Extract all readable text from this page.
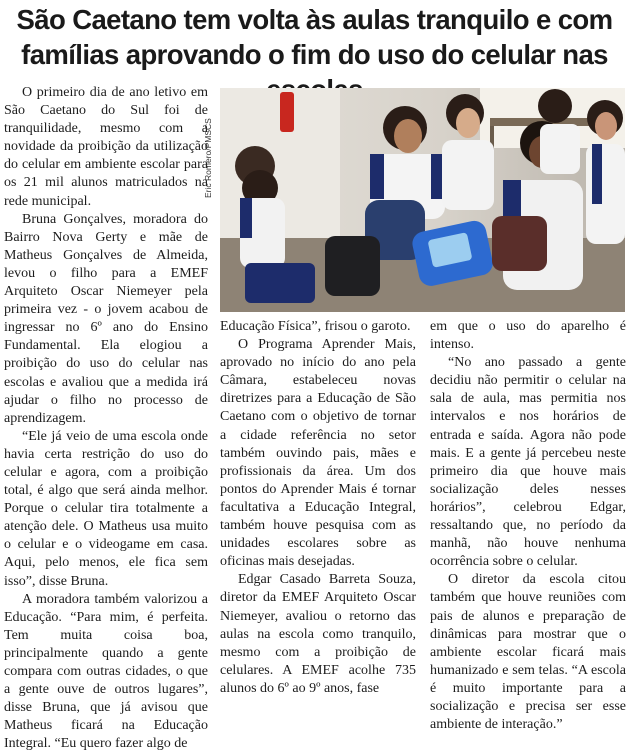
São Caetano tem volta às aulas tranquilo e com famílias aprovando o fim do uso do celular nas

O primeiro dia de ano letivo em São Caetano do Sul foi de tranquilidade, mesmo com a novidade da proibição da utilização do celular em ambiente escolar para os 21 mil alunos matriculados na rede municipal.

Bruna Gonçalves, moradora do Bairro Nova Gerty e mãe de Matheus Gonçalves de Almeida, levou o filho para a EMEF Arquiteto Oscar Niemeyer pela primeira vez - o jovem acabou de ingressar no 6º ano do Ensino Fundamental. Ela elogiou a proibição do uso do celular nas escolas e avaliou que a medida irá ajudar o filho no processo de aprendizagem.

“Ele já veio de uma escola onde havia certa restrição do uso do celular e agora, com a proibição total, é algo que será ainda melhor. Porque o celular tira totalmente a atenção dele. O Matheus usa muito o celular e o videogame em casa. Aqui, pelo menos, ele fica sem isso”, disse Bruna.

A moradora também valorizou a Educação. “Para mim, é perfeita. Tem muita coisa boa, principalmente quando a gente compara com outras cidades, o que a gente ouve de outros lugares”, disse Bruna, que já avisou que Matheus ficará na Educação Integral. “Eu quero fazer algo de

Eric Romero/PMSCS

Educação Física”, frisou o garoto.

O Programa Aprender Mais, aprovado no início do ano pela Câmara, estabeleceu novas diretrizes para a Educação de São Caetano com o objetivo de tornar a cidade referência no setor também ouvindo pais, mães e profissionais da área. Um dos pontos do Aprender Mais é tornar facultativa a Educação Integral, também houve pesquisa com as unidades escolares sobre as oficinas mais desejadas.

Edgar Casado Barreta Souza, diretor da EMEF Arquiteto Oscar Niemeyer, avaliou o retorno das aulas na escola como tranquilo, mesmo com a proibição de celulares. A EMEF acolhe 735 alunos do 6º ao 9º anos, fase

em que o uso do aparelho é intenso.

“No ano passado a gente decidiu não permitir o celular na sala de aula, mas permitia nos intervalos e nos horários de entrada e saída. Agora não pode mais. E a gente já percebeu neste primeiro dia que houve mais socialização deles nesses horários”, celebrou Edgar, ressaltando que, no período da manhã, não houve nenhuma ocorrência sobre o celular.

O diretor da escola citou também que houve reuniões com pais de alunos e preparação de dinâmicas para mostrar que o ambiente escolar ficará mais humanizado e sem telas. “A escola é muito importante para a socialização e precisa ser esse ambiente de interação.”
